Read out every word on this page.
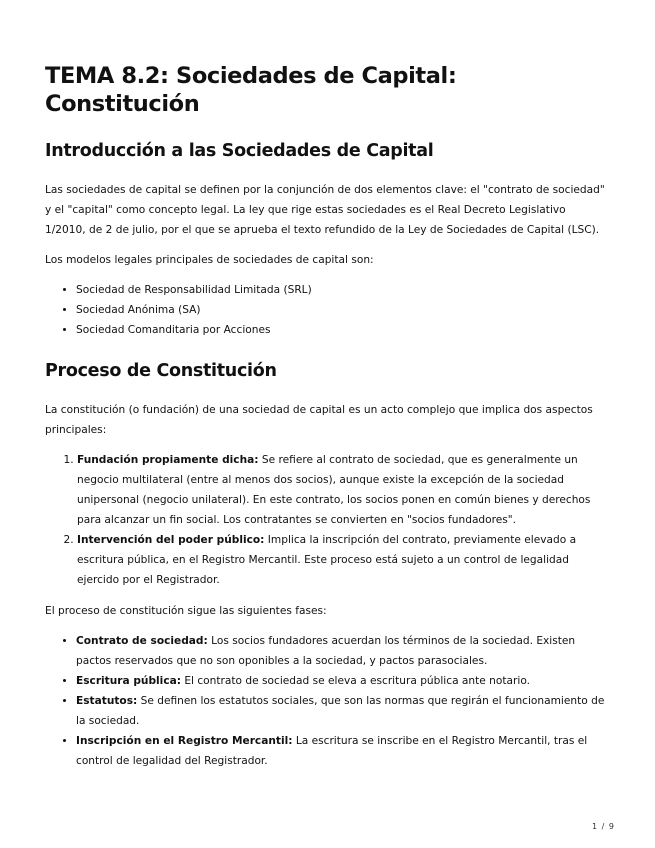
TEMA 8.2: Sociedades de Capital: Constitución
Introducción a las Sociedades de Capital

Las sociedades de capital se definen por la conjunción de dos elementos clave: el "contrato de sociedad" y el "capital" como concepto legal. La ley que rige estas sociedades es el Real Decreto Legislativo 1/2010, de 2 de julio, por el que se aprueba el texto refundido de la Ley de Sociedades de Capital (LSC).

Los modelos legales principales de sociedades de capital son:

• Sociedad de Responsabilidad Limitada (SRL)
• Sociedad Anónima (SA)
• Sociedad Comanditaria por Acciones
Proceso de Constitución

La constitución (o fundación) de una sociedad de capital es un acto complejo que implica dos aspectos principales:

1. Fundación propiamente dicha: Se refiere al contrato de sociedad, que es generalmente un negocio multilateral (entre al menos dos socios), aunque existe la excepción de la sociedad unipersonal (negocio unilateral). En este contrato, los socios ponen en común bienes y derechos para alcanzar un fin social. Los contratantes se convierten en "socios fundadores".
2. Intervención del poder público: Implica la inscripción del contrato, previamente elevado a escritura pública, en el Registro Mercantil. Este proceso está sujeto a un control de legalidad ejercido por el Registrador.

El proceso de constitución sigue las siguientes fases:

• Contrato de sociedad: Los socios fundadores acuerdan los términos de la sociedad. Existen pactos reservados que no son oponibles a la sociedad, y pactos parasociales.
• Escritura pública: El contrato de sociedad se eleva a escritura pública ante notario.
• Estatutos: Se definen los estatutos sociales, que son las normas que regirán el funcionamiento de la sociedad.
• Inscripción en el Registro Mercantil: La escritura se inscribe en el Registro Mercantil, tras el control de legalidad del Registrador.
1 / 9
